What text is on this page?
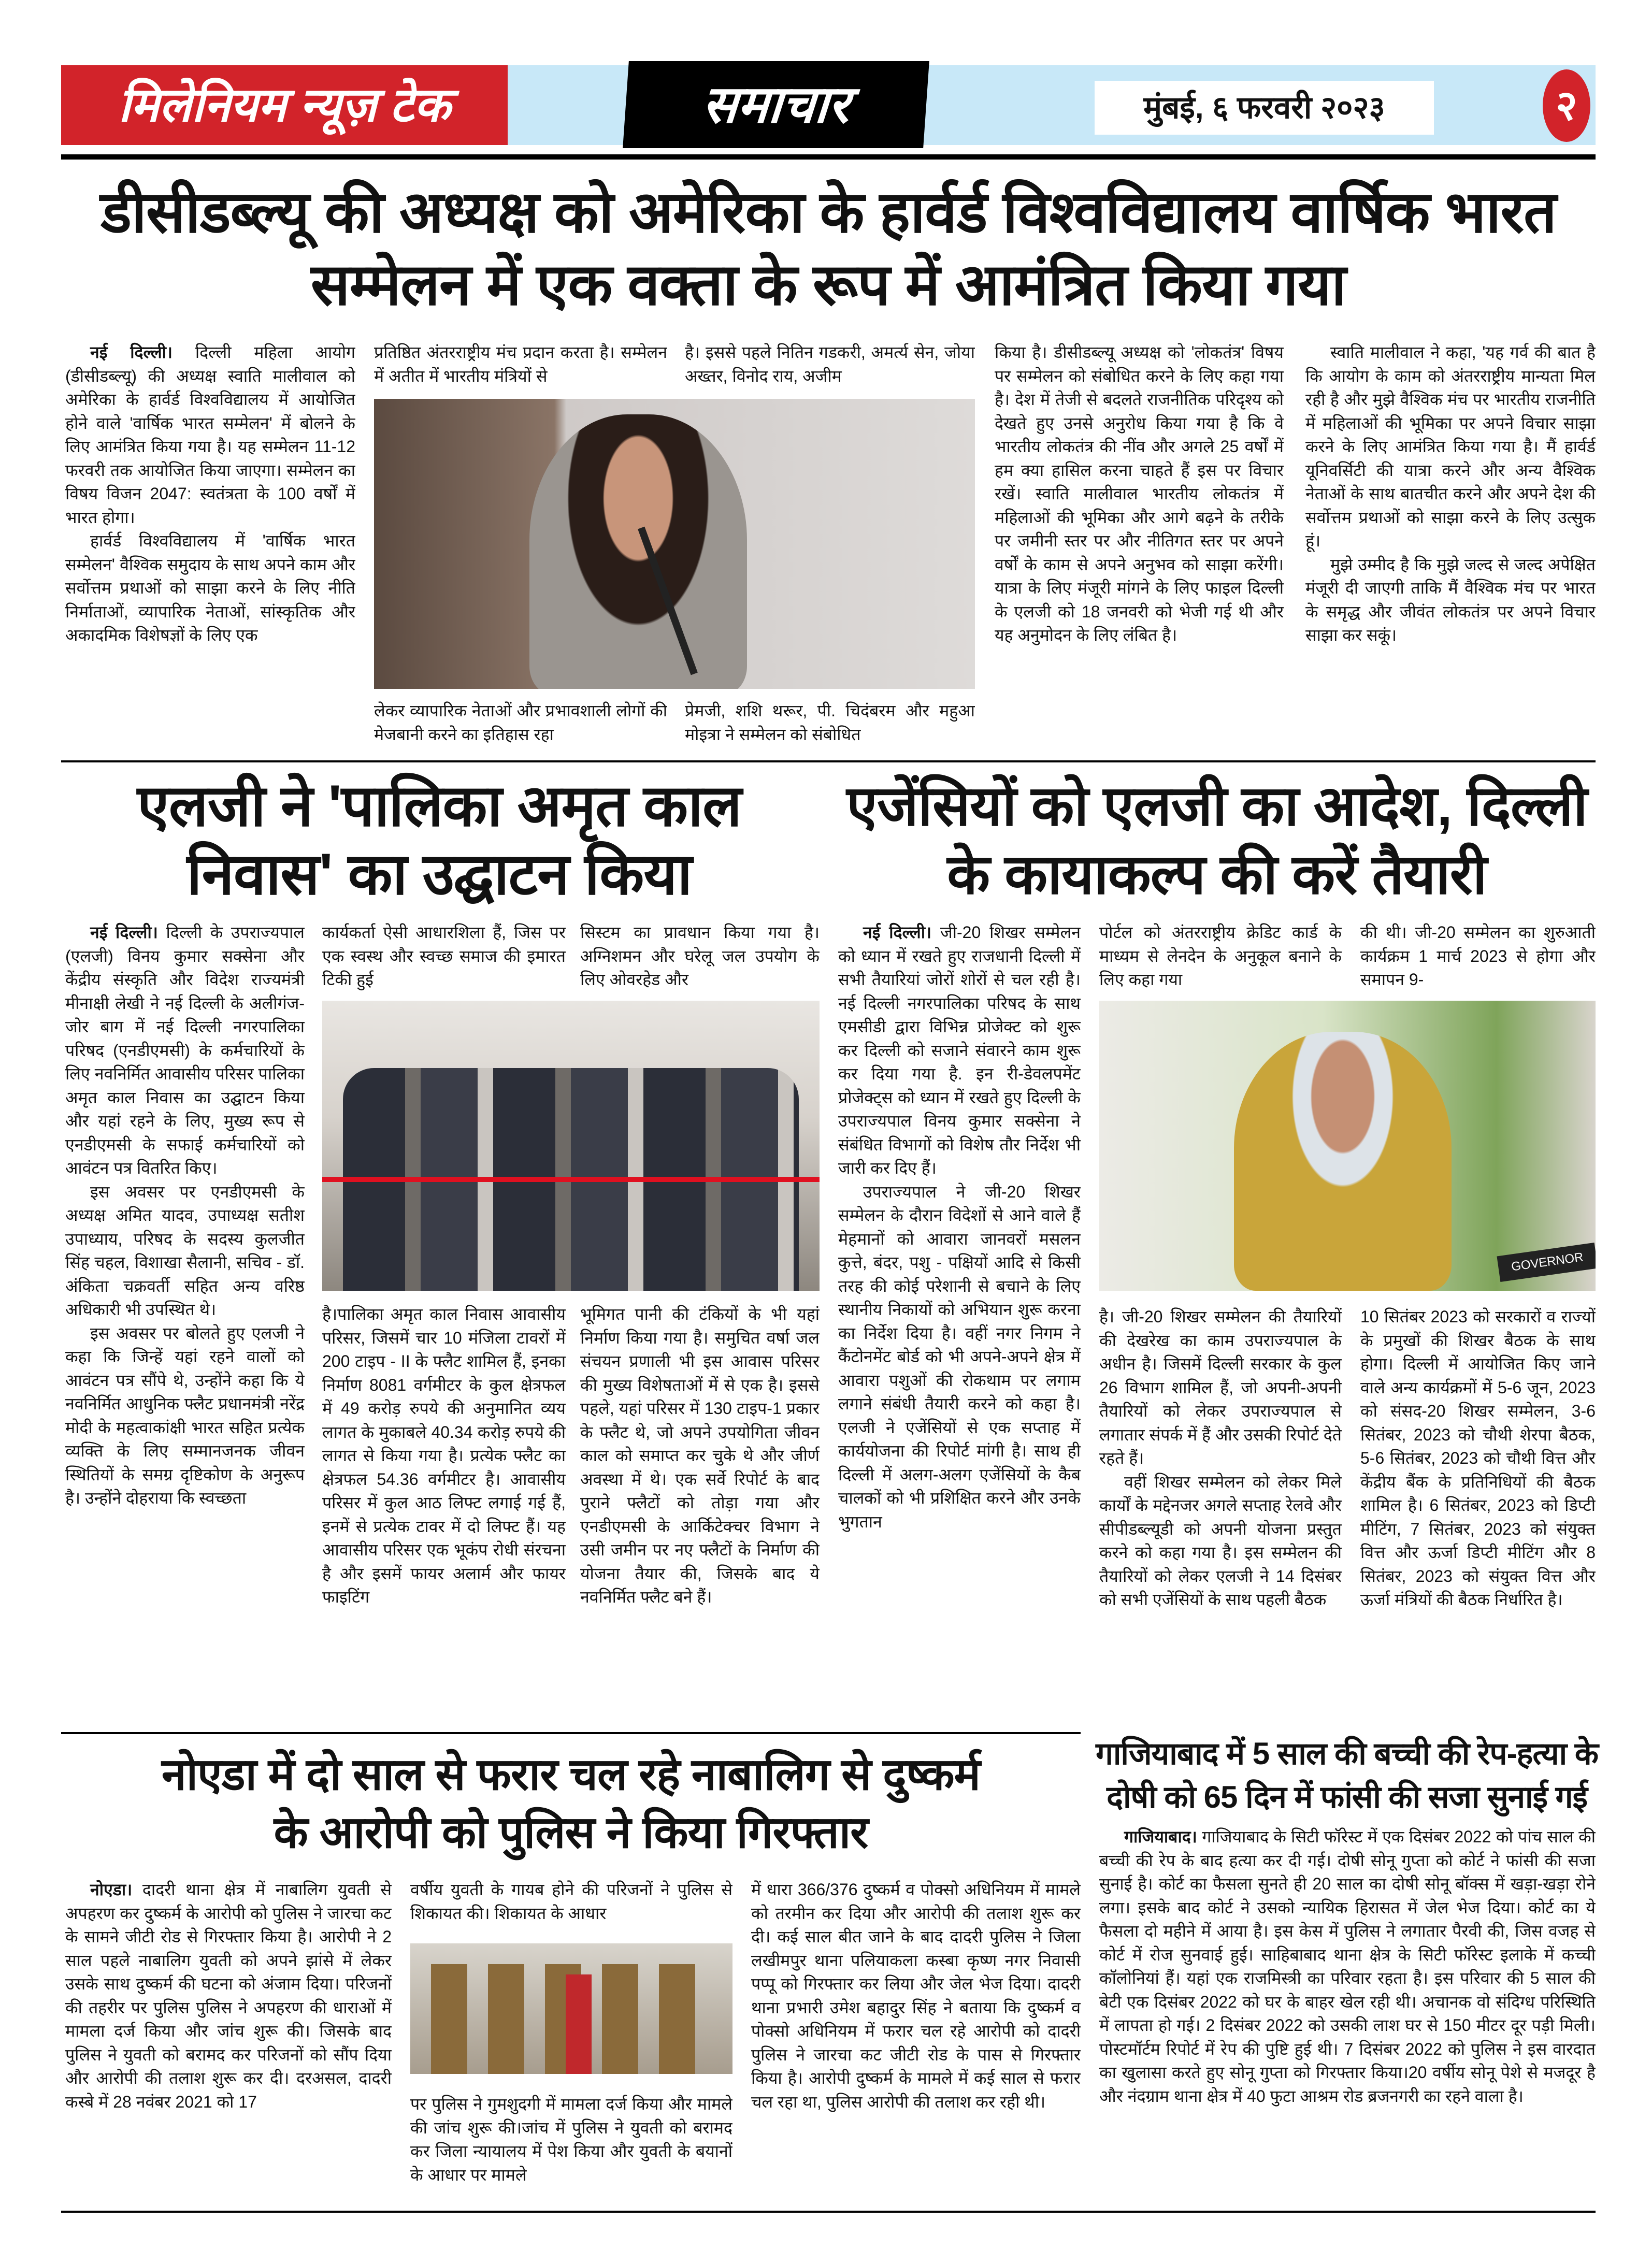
मिलेनियम न्यूज़ टेक	समाचार	मुंबई, ६ फरवरी २०२३	२
डीसीडब्ल्यू की अध्यक्ष को अमेरिका के हार्वर्ड विश्वविद्यालय वार्षिक भारत
सम्मेलन में एक वक्ता के रूप में आमंत्रित किया गया

नई दिल्ली। दिल्ली महिला आयोग (डीसीडब्ल्यू) की अध्यक्ष स्वाति मालीवाल को अमेरिका के हार्वर्ड विश्वविद्यालय में आयोजित होने वाले 'वार्षिक भारत सम्मेलन' में बोलने के लिए आमंत्रित किया गया है। यह सम्मेलन 11-12 फरवरी तक आयोजित किया जाएगा। सम्मेलन का विषय विजन 2047: स्वतंत्रता के 100 वर्षों में भारत होगा।

हार्वर्ड विश्वविद्यालय में 'वार्षिक भारत सम्मेलन' वैश्विक समुदाय के साथ अपने काम और सर्वोत्तम प्रथाओं को साझा करने के लिए नीति निर्माताओं, व्यापारिक नेताओं, सांस्कृतिक और अकादमिक विशेषज्ञों के लिए एक

प्रतिष्ठित अंतरराष्ट्रीय मंच प्रदान करता है। सम्मेलन में अतीत में भारतीय मंत्रियों से

है। इससे पहले नितिन गडकरी, अमर्त्य सेन, जोया अख्तर, विनोद राय, अजीम

लेकर व्यापारिक नेताओं और प्रभावशाली लोगों की मेजबानी करने का इतिहास रहा

प्रेमजी, शशि थरूर, पी. चिदंबरम और महुआ मोइत्रा ने सम्मेलन को संबोधित

किया है। डीसीडब्ल्यू अध्यक्ष को 'लोकतंत्र' विषय पर सम्मेलन को संबोधित करने के लिए कहा गया है। देश में तेजी से बदलते राजनीतिक परिदृश्य को देखते हुए उनसे अनुरोध किया गया है कि वे भारतीय लोकतंत्र की नींव और अगले 25 वर्षों में हम क्या हासिल करना चाहते हैं इस पर विचार रखें। स्वाति मालीवाल भारतीय लोकतंत्र में महिलाओं की भूमिका और आगे बढ़ने के तरीके पर जमीनी स्तर पर और नीतिगत स्तर पर अपने वर्षों के काम से अपने अनुभव को साझा करेंगी। यात्रा के लिए मंजूरी मांगने के लिए फाइल दिल्ली के एलजी को 18 जनवरी को भेजी गई थी और यह अनुमोदन के लिए लंबित है।

स्वाति मालीवाल ने कहा, 'यह गर्व की बात है कि आयोग के काम को अंतरराष्ट्रीय मान्यता मिल रही है और मुझे वैश्विक मंच पर भारतीय राजनीति में महिलाओं की भूमिका पर अपने विचार साझा करने के लिए आमंत्रित किया गया है। मैं हार्वर्ड यूनिवर्सिटी की यात्रा करने और अन्य वैश्विक नेताओं के साथ बातचीत करने और अपने देश की सर्वोत्तम प्रथाओं को साझा करने के लिए उत्सुक हूं।

मुझे उम्मीद है कि मुझे जल्द से जल्द अपेक्षित मंजूरी दी जाएगी ताकि मैं वैश्विक मंच पर भारत के समृद्ध और जीवंत लोकतंत्र पर अपने विचार साझा कर सकूं।

एलजी ने 'पालिका अमृत काल
निवास' का उद्घाटन किया

नई दिल्ली। दिल्ली के उपराज्यपाल (एलजी) विनय कुमार सक्सेना और केंद्रीय संस्कृति और विदेश राज्यमंत्री मीनाक्षी लेखी ने नई दिल्ली के अलीगंज-जोर बाग में नई दिल्ली नगरपालिका परिषद (एनडीएमसी) के कर्मचारियों के लिए नवनिर्मित आवासीय परिसर पालिका अमृत काल निवास का उद्घाटन किया और यहां रहने के लिए, मुख्य रूप से एनडीएमसी के सफाई कर्मचारियों को आवंटन पत्र वितरित किए।

इस अवसर पर एनडीएमसी के अध्यक्ष अमित यादव, उपाध्यक्ष सतीश उपाध्याय, परिषद के सदस्य कुलजीत सिंह चहल, विशाखा सैलानी, सचिव - डॉ. अंकिता चक्रवर्ती सहित अन्य वरिष्ठ अधिकारी भी उपस्थित थे।

इस अवसर पर बोलते हुए एलजी ने कहा कि जिन्हें यहां रहने वालों को आवंटन पत्र सौंपे थे, उन्होंने कहा कि ये नवनिर्मित आधुनिक फ्लैट प्रधानमंत्री नरेंद्र मोदी के महत्वाकांक्षी भारत सहित प्रत्येक व्यक्ति के लिए सम्मानजनक जीवन स्थितियों के समग्र दृष्टिकोण के अनुरूप है। उन्होंने दोहराया कि स्वच्छता

कार्यकर्ता ऐसी आधारशिला हैं, जिस पर एक स्वस्थ और स्वच्छ समाज की इमारत टिकी हुई

सिस्टम का प्रावधान किया गया है। अग्निशमन और घरेलू जल उपयोग के लिए ओवरहेड और

है।पालिका अमृत काल निवास आवासीय परिसर, जिसमें चार 10 मंजिला टावरों में 200 टाइप - II के फ्लैट शामिल हैं, इनका निर्माण 8081 वर्गमीटर के कुल क्षेत्रफल में 49 करोड़ रुपये की अनुमानित व्यय लागत के मुकाबले 40.34 करोड़ रुपये की लागत से किया गया है। प्रत्येक फ्लैट का क्षेत्रफल 54.36 वर्गमीटर है। आवासीय परिसर में कुल आठ लिफ्ट लगाई गई हैं, इनमें से प्रत्येक टावर में दो लिफ्ट हैं। यह आवासीय परिसर एक भूकंप रोधी संरचना है और इसमें फायर अलार्म और फायर फाइटिंग

भूमिगत पानी की टंकियों के भी यहां निर्माण किया गया है। समुचित वर्षा जल संचयन प्रणाली भी इस आवास परिसर की मुख्य विशेषताओं में से एक है। इससे पहले, यहां परिसर में 130 टाइप-1 प्रकार के फ्लैट थे, जो अपने उपयोगिता जीवन काल को समाप्त कर चुके थे और जीर्ण अवस्था में थे। एक सर्वे रिपोर्ट के बाद पुराने फ्लैटों को तोड़ा गया और एनडीएमसी के आर्किटेक्चर विभाग ने उसी जमीन पर नए फ्लैटों के निर्माण की योजना तैयार की, जिसके बाद ये नवनिर्मित फ्लैट बने हैं।

एजेंसियों को एलजी का आदेश, दिल्ली
के कायाकल्प की करें तैयारी

नई दिल्ली। जी-20 शिखर सम्मेलन को ध्यान में रखते हुए राजधानी दिल्ली में सभी तैयारियां जोरों शोरों से चल रही है। नई दिल्ली नगरपालिका परिषद के साथ एमसीडी द्वारा विभिन्न प्रोजेक्ट को शुरू कर दिल्ली को सजाने संवारने काम शुरू कर दिया गया है. इन री-डेवलपमेंट प्रोजेक्ट्स को ध्यान में रखते हुए दिल्ली के उपराज्यपाल विनय कुमार सक्सेना ने संबंधित विभागों को विशेष तौर निर्देश भी जारी कर दिए हैं।

उपराज्यपाल ने जी-20 शिखर सम्मेलन के दौरान विदेशों से आने वाले हैं मेहमानों को आवारा जानवरों मसलन कुत्ते, बंदर, पशु - पक्षियों आदि से किसी तरह की कोई परेशानी से बचाने के लिए स्थानीय निकायों को अभियान शुरू करना का निर्देश दिया है। वहीं नगर निगम ने कैंटोनमेंट बोर्ड को भी अपने-अपने क्षेत्र में आवारा पशुओं की रोकथाम पर लगाम लगाने संबंधी तैयारी करने को कहा है। एलजी ने एजेंसियों से एक सप्ताह में कार्ययोजना की रिपोर्ट मांगी है। साथ ही दिल्ली में अलग-अलग एजेंसियों के कैब चालकों को भी प्रशिक्षित करने और उनके भुगतान

पोर्टल को अंतरराष्ट्रीय क्रेडिट कार्ड के माध्यम से लेनदेन के अनुकूल बनाने के लिए कहा गया

की थी। जी-20 सम्मेलन का शुरुआती कार्यक्रम 1 मार्च 2023 से होगा और समापन 9-

GOVERNOR

है। जी-20 शिखर सम्मेलन की तैयारियों की देखरेख का काम उपराज्यपाल के अधीन है। जिसमें दिल्ली सरकार के कुल 26 विभाग शामिल हैं, जो अपनी-अपनी तैयारियों को लेकर उपराज्यपाल से लगातार संपर्क में हैं और उसकी रिपोर्ट देते रहते हैं।

वहीं शिखर सम्मेलन को लेकर मिले कार्यों के मद्देनजर अगले सप्ताह रेलवे और सीपीडब्ल्यूडी को अपनी योजना प्रस्तुत करने को कहा गया है। इस सम्मेलन की तैयारियों को लेकर एलजी ने 14 दिसंबर को सभी एजेंसियों के साथ पहली बैठक

10 सितंबर 2023 को सरकारों व राज्यों के प्रमुखों की शिखर बैठक के साथ होगा। दिल्ली में आयोजित किए जाने वाले अन्य कार्यक्रमों में 5-6 जून, 2023 को संसद-20 शिखर सम्मेलन, 3-6 सितंबर, 2023 को चौथी शेरपा बैठक, 5-6 सितंबर, 2023 को चौथी वित्त और केंद्रीय बैंक के प्रतिनिधियों की बैठक शामिल है। 6 सितंबर, 2023 को डिप्टी मीटिंग, 7 सितंबर, 2023 को संयुक्त वित्त और ऊर्जा डिप्टी मीटिंग और 8 सितंबर, 2023 को संयुक्त वित्त और ऊर्जा मंत्रियों की बैठक निर्धारित है।

नोएडा में दो साल से फरार चल रहे नाबालिग से दुष्कर्म
के आरोपी को पुलिस ने किया गिरफ्तार

नोएडा। दादरी थाना क्षेत्र में नाबालिग युवती से अपहरण कर दुष्कर्म के आरोपी को पुलिस ने जारचा कट के सामने जीटी रोड से गिरफ्तार किया है। आरोपी ने 2 साल पहले नाबालिग युवती को अपने झांसे में लेकर उसके साथ दुष्कर्म की घटना को अंजाम दिया। परिजनों की तहरीर पर पुलिस पुलिस ने अपहरण की धाराओं में मामला दर्ज किया और जांच शुरू की। जिसके बाद पुलिस ने युवती को बरामद कर परिजनों को सौंप दिया और आरोपी की तलाश शुरू कर दी। दरअसल, दादरी कस्बे में 28 नवंबर 2021 को 17

वर्षीय युवती के गायब होने की परिजनों ने पुलिस से शिकायत की। शिकायत के आधार

पर पुलिस ने गुमशुदगी में मामला दर्ज किया और मामले की जांच शुरू की।जांच में पुलिस ने युवती को बरामद कर जिला न्यायालय में पेश किया और युवती के बयानों के आधार पर मामले

में धारा 366/376 दुष्कर्म व पोक्सो अधिनियम में मामले को तरमीन कर दिया और आरोपी की तलाश शुरू कर दी। कई साल बीत जाने के बाद दादरी पुलिस ने जिला लखीमपुर थाना पलियाकला कस्बा कृष्ण नगर निवासी पप्पू को गिरफ्तार कर लिया और जेल भेज दिया। दादरी थाना प्रभारी उमेश बहादुर सिंह ने बताया कि दुष्कर्म व पोक्सो अधिनियम में फरार चल रहे आरोपी को दादरी पुलिस ने जारचा कट जीटी रोड के पास से गिरफ्तार किया है। आरोपी दुष्कर्म के मामले में कई साल से फरार चल रहा था, पुलिस आरोपी की तलाश कर रही थी।

गाजियाबाद में 5 साल की बच्ची की रेप-हत्या के
दोषी को 65 दिन में फांसी की सजा सुनाई गई

गाजियाबाद। गाजियाबाद के सिटी फॉरेस्ट में एक दिसंबर 2022 को पांच साल की बच्ची की रेप के बाद हत्या कर दी गई। दोषी सोनू गुप्ता को कोर्ट ने फांसी की सजा सुनाई है। कोर्ट का फैसला सुनते ही 20 साल का दोषी सोनू बॉक्स में खड़ा-खड़ा रोने लगा। इसके बाद कोर्ट ने उसको न्यायिक हिरासत में जेल भेज दिया। कोर्ट का ये फैसला दो महीने में आया है। इस केस में पुलिस ने लगातार पैरवी की, जिस वजह से कोर्ट में रोज सुनवाई हुई। साहिबाबाद थाना क्षेत्र के सिटी फॉरेस्ट इलाके में कच्ची कॉलोनियां हैं। यहां एक राजमिस्त्री का परिवार रहता है। इस परिवार की 5 साल की बेटी एक दिसंबर 2022 को घर के बाहर खेल रही थी। अचानक वो संदिग्ध परिस्थिति में लापता हो गई। 2 दिसंबर 2022 को उसकी लाश घर से 150 मीटर दूर पड़ी मिली। पोस्टमॉर्टम रिपोर्ट में रेप की पुष्टि हुई थी। 7 दिसंबर 2022 को पुलिस ने इस वारदात का खुलासा करते हुए सोनू गुप्ता को गिरफ्तार किया।20 वर्षीय सोनू पेशे से मजदूर है और नंदग्राम थाना क्षेत्र में 40 फुटा आश्रम रोड ब्रजनगरी का रहने वाला है।
